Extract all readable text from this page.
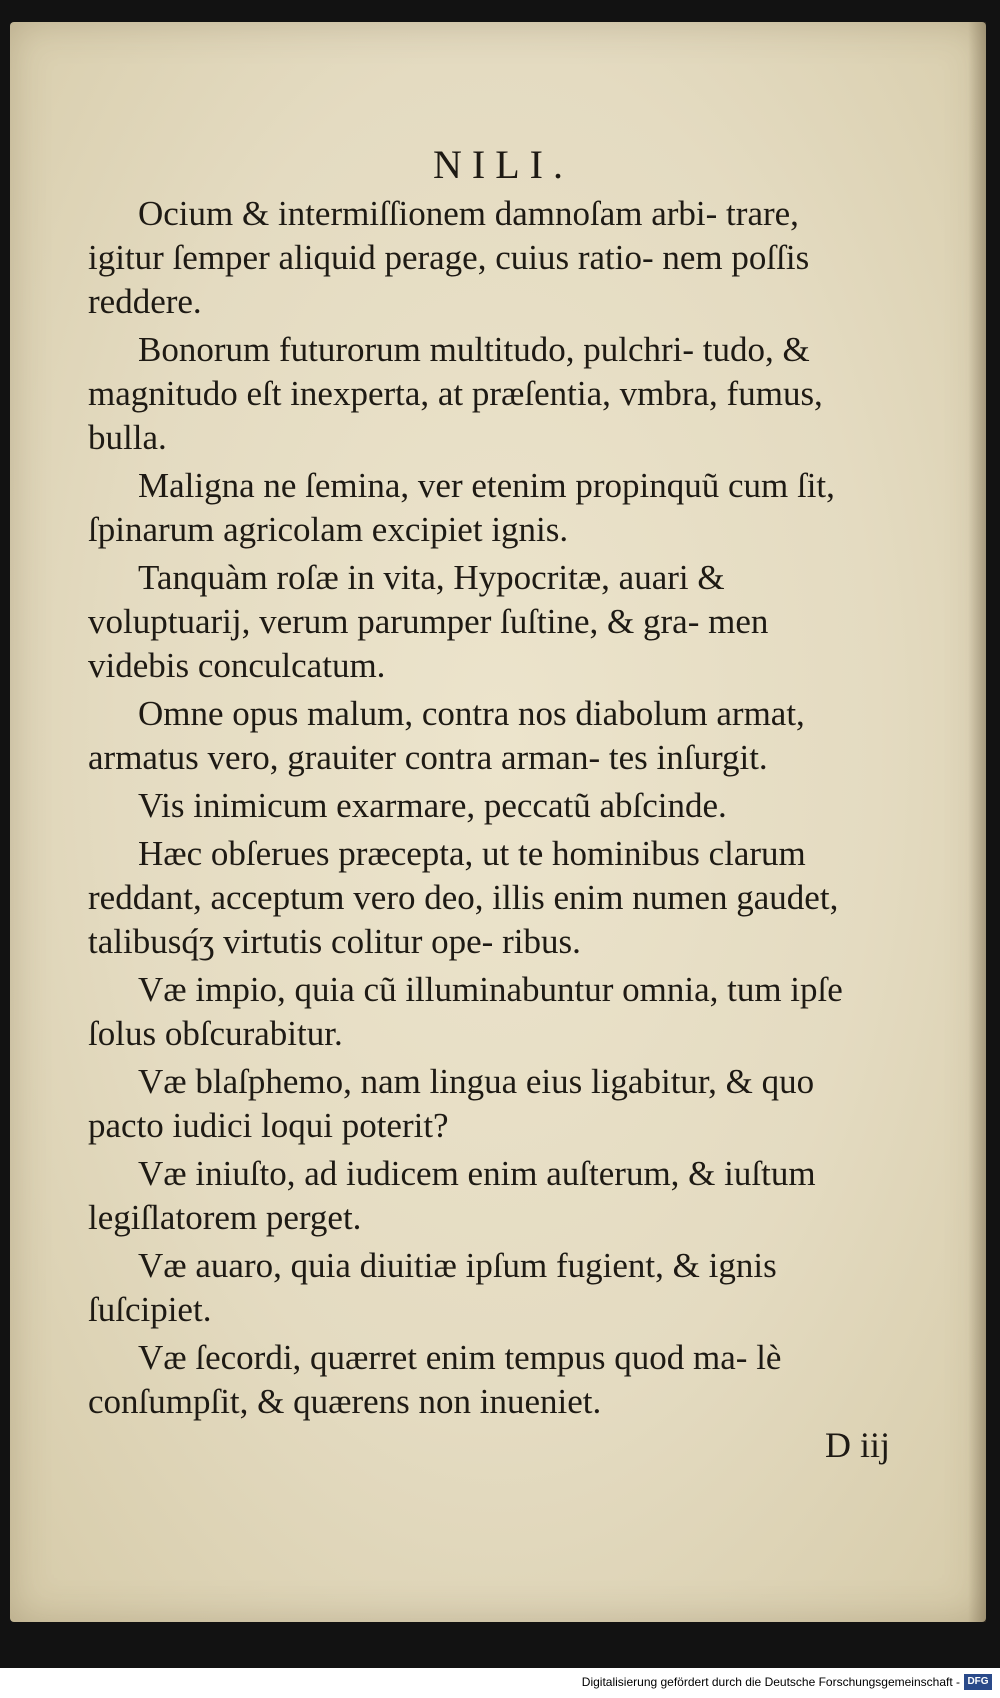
NILI.

Ocium & intermiſſionem damnoſam arbi- trare, igitur ſemper aliquid perage, cuius ratio- nem poſſis reddere.

Bonorum futurorum multitudo, pulchri- tudo, & magnitudo eſt inexperta, at præſentia, vmbra, fumus, bulla.

Maligna ne ſemina, ver etenim propinquũ cum ſit, ſpinarum agricolam excipiet ignis.

Tanquàm roſæ in vita, Hypocritæ, auari & voluptuarij, verum parumper ſuſtine, & gra- men videbis conculcatum.

Omne opus malum, contra nos diabolum armat, armatus vero, grauiter contra arman- tes inſurgit.

Vis inimicum exarmare, peccatũ abſcinde.

Hæc obſerues præcepta, ut te hominibus clarum reddant, acceptum vero deo, illis enim numen gaudet, talibusq́ʒ virtutis colitur ope- ribus.

Væ impio, quia cũ illuminabuntur omnia, tum ipſe ſolus obſcurabitur.

Væ blaſphemo, nam lingua eius ligabitur, & quo pacto iudici loqui poterit?

Væ iniuſto, ad iudicem enim auſterum, & iuſtum legiſlatorem perget.

Væ auaro, quia diuitiæ ipſum fugient, & ignis ſuſcipiet.

Væ ſecordi, quærret enim tempus quod ma- lè conſumpſit, & quærens non inueniet.

D iij
Digitalisierung gefördert durch die Deutsche Forschungsgemeinschaft - DFG
